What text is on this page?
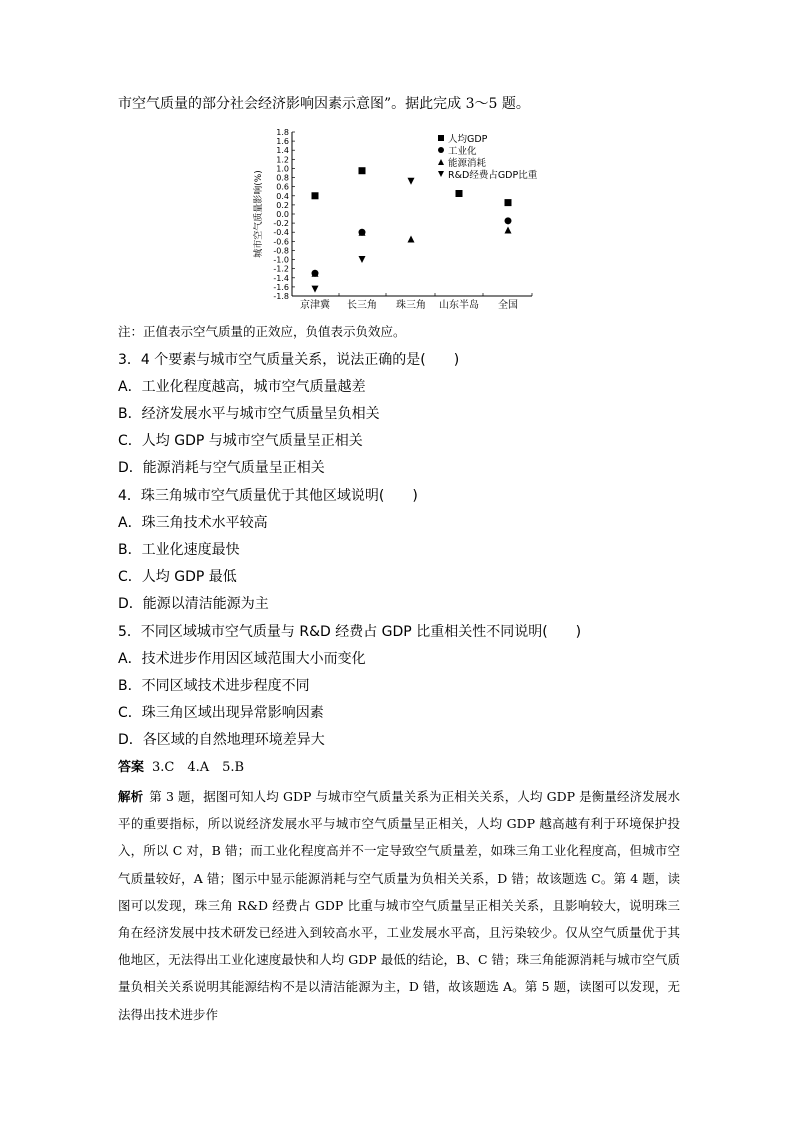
市空气质量的部分社会经济影响因素示意图”。据此完成 3～5 题。
城市空气质量影响(%)
1.8
1.6
1.4
1.2
1.0
0.8
0.6
0.4
0.2
0.0
-0.2
-0.4
-0.6
-0.8
-1.0
-1.2
-1.4
-1.6
-1.8
京津冀 长三角 珠三角 山东半岛 全国
人均GDP
工业化
能源消耗
R&D经费占GDP比重
注：正值表示空气质量的正效应，负值表示负效应。
3．4 个要素与城市空气质量关系，说法正确的是(　　)
A．工业化程度越高，城市空气质量越差
B．经济发展水平与城市空气质量呈负相关
C．人均 GDP 与城市空气质量呈正相关
D．能源消耗与空气质量呈正相关
4．珠三角城市空气质量优于其他区域说明(　　)
A．珠三角技术水平较高
B．工业化速度最快
C．人均 GDP 最低
D．能源以清洁能源为主
5．不同区域城市空气质量与 R&D 经费占 GDP 比重相关性不同说明(　　)
A．技术进步作用因区域范围大小而变化
B．不同区域技术进步程度不同
C．珠三角区域出现异常影响因素
D．各区域的自然地理环境差异大
答案 3.C　4.A　5.B
解析 第 3 题，据图可知人均 GDP 与城市空气质量关系为正相关关系，人均 GDP 是衡量经济发展水平的重要指标，所以说经济发展水平与城市空气质量呈正相关，人均 GDP 越高越有利于环境保护投入，所以 C 对，B 错；而工业化程度高并不一定导致空气质量差，如珠三角工业化程度高，但城市空气质量较好，A 错；图示中显示能源消耗与空气质量为负相关关系，D 错；故该题选 C。第 4 题，读图可以发现，珠三角 R&D 经费占 GDP 比重与城市空气质量呈正相关关系，且影响较大，说明珠三角在经济发展中技术研发已经进入到较高水平，工业发展水平高，且污染较少。仅从空气质量优于其他地区，无法得出工业化速度最快和人均 GDP 最低的结论，B、C 错；珠三角能源消耗与城市空气质量负相关关系说明其能源结构不是以清洁能源为主，D 错，故该题选 A。第 5 题，读图可以发现，无法得出技术进步作
